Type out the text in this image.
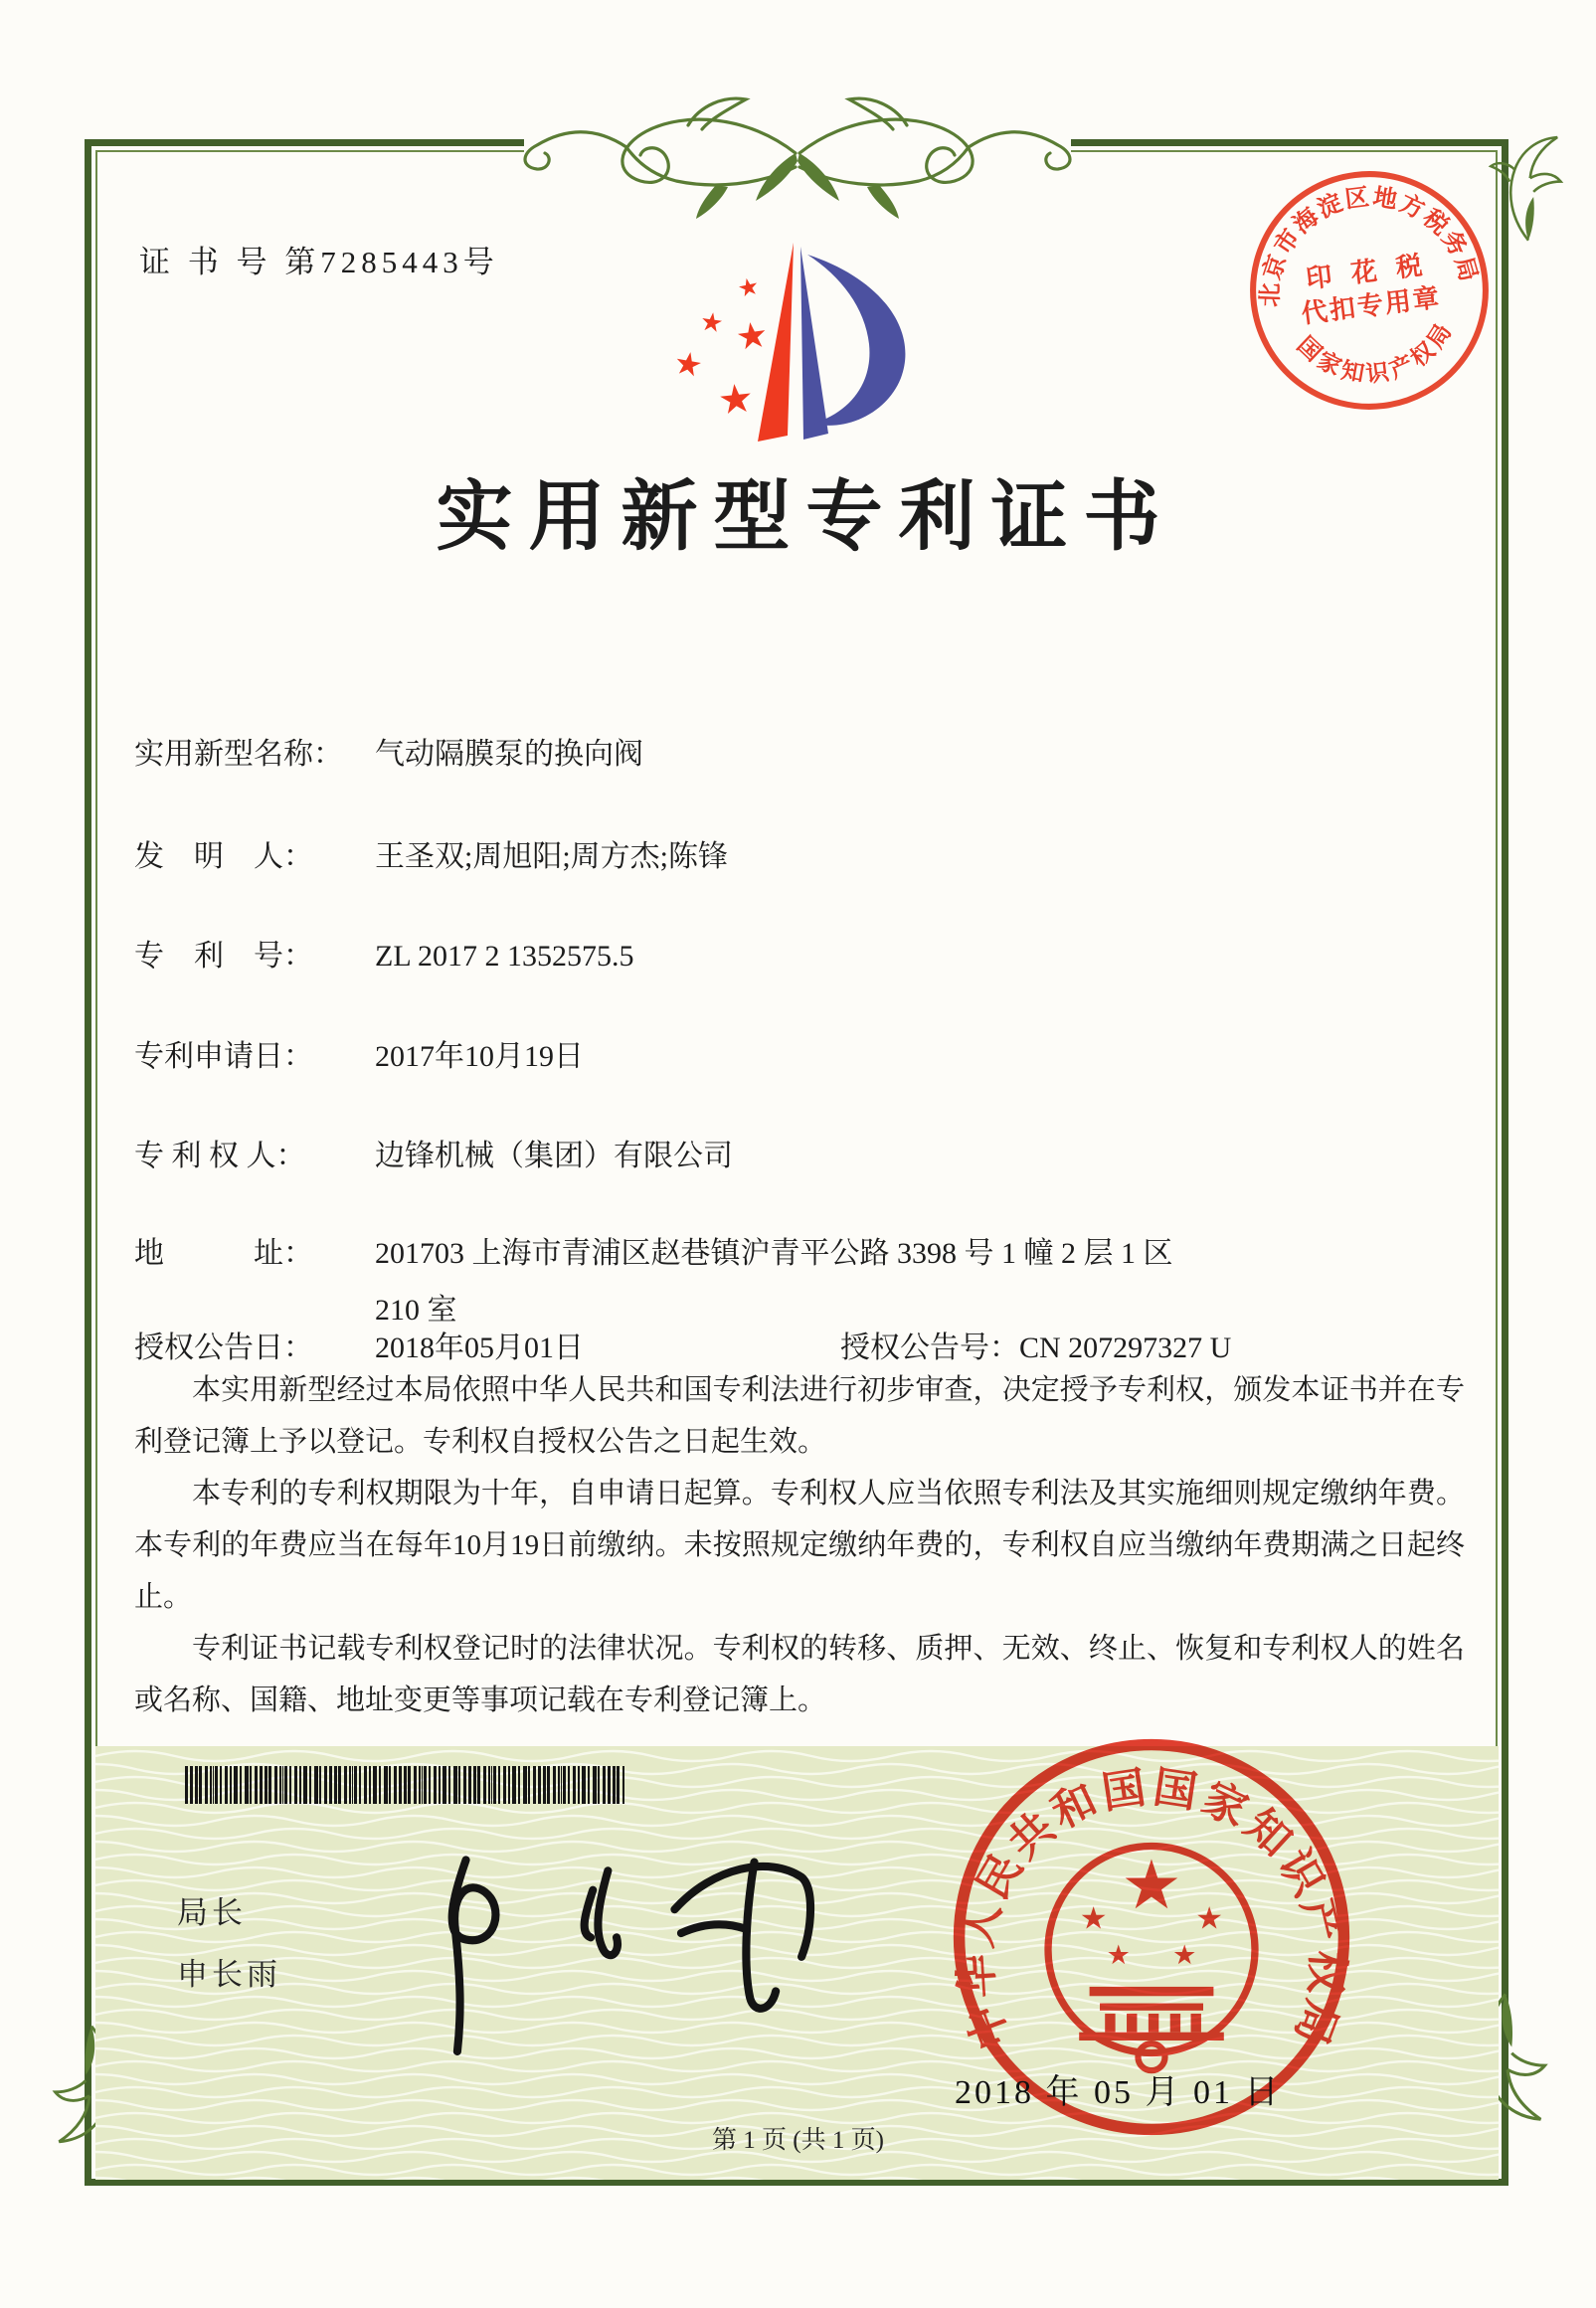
证 书 号 第7285443号
★
★ ★
★
★
北京市海淀区地方税务局
印 花 税
代扣专用章
国家知识产权局
实用新型专利证书
实用新型名称： 气动隔膜泵的换向阀
发　明　人： 王圣双;周旭阳;周方杰;陈锋
专　利　号： ZL 2017 2 1352575.5
专利申请日： 2017年10月19日
专 利 权 人： 边锋机械（集团）有限公司
地　　　址： 201703 上海市青浦区赵巷镇沪青平公路 3398 号 1 幢 2 层 1 区
210 室
授权公告日： 2018年05月01日	授权公告号：CN 207297327 U

本实用新型经过本局依照中华人民共和国专利法进行初步审查，决定授予专利权，颁发本证书并在专利登记簿上予以登记。专利权自授权公告之日起生效。

本专利的专利权期限为十年，自申请日起算。专利权人应当依照专利法及其实施细则规定缴纳年费。本专利的年费应当在每年10月19日前缴纳。未按照规定缴纳年费的，专利权自应当缴纳年费期满之日起终止。

专利证书记载专利权登记时的法律状况。专利权的转移、质押、无效、终止、恢复和专利权人的姓名或名称、国籍、地址变更等事项记载在专利登记簿上。

局长
申长雨
中华人民共和国国家知识产权局
★
★	★
★ ★
2018 年 05 月 01 日
第 1 页 (共 1 页)
